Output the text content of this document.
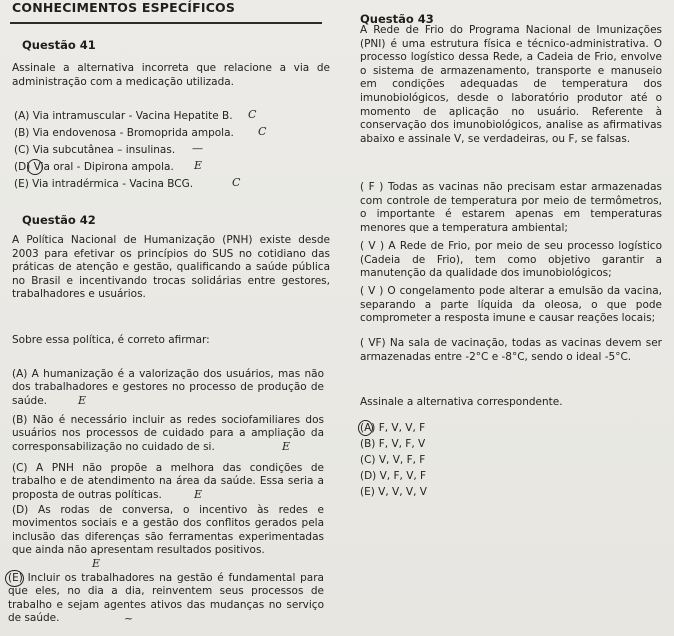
CONHECIMENTOS ESPECÍFICOS
Questão 41
Assinale a alternativa incorreta que relacione a via de administração com a medicação utilizada.
(A) Via intramuscular - Vacina Hepatite B. C
(B) Via endovenosa - Bromoprida ampola. C
(C) Via subcutânea – insulinas. —
(D) Via oral - Dipirona ampola. E
(E) Via intradérmica - Vacina BCG.	C
Questão 42
A Política Nacional de Humanização (PNH) existe desde 2003 para efetivar os princípios do SUS no cotidiano das práticas de atenção e gestão, qualificando a saúde pública no Brasil e incentivando trocas solidárias entre gestores, trabalhadores e usuários.
Sobre essa política, é correto afirmar:
(A) A humanização é a valorização dos usuários, mas não dos trabalhadores e gestores no processo de produção de saúde.	E
(B) Não é necessário incluir as redes sociofamiliares dos usuários nos processos de cuidado para a ampliação da corresponsabilização no cuidado de si.	E
(C) A PNH não propõe a melhora das condições de trabalho e de atendimento na área da saúde. Essa seria a proposta de outras políticas.	E
(D) As rodas de conversa, o incentivo às redes e movimentos sociais e a gestão dos conflitos gerados pela inclusão das diferenças são ferramentas experimentadas que ainda não apresentam resultados positivos.
E
(E) Incluir os trabalhadores na gestão é fundamental para que eles, no dia a dia, reinventem seus processos de trabalho e sejam agentes ativos das mudanças no serviço de saúde.	~
Questão 43
A Rede de Frio do Programa Nacional de Imunizações (PNI) é uma estrutura física e técnico-administrativa. O processo logístico dessa Rede, a Cadeia de Frio, envolve o sistema de armazenamento, transporte e manuseio em condições adequadas de temperatura dos imunobiológicos, desde o laboratório produtor até o momento de aplicação no usuário. Referente à conservação dos imunobiológicos, analise as afirmativas abaixo e assinale V, se verdadeiras, ou F, se falsas.
( F ) Todas as vacinas não precisam estar armazenadas com controle de temperatura por meio de termômetros, o importante é estarem apenas em temperaturas menores que a temperatura ambiental;
( V ) A Rede de Frio, por meio de seu processo logístico (Cadeia de Frio), tem como objetivo garantir a manutenção da qualidade dos imunobiológicos;
( V ) O congelamento pode alterar a emulsão da vacina, separando a parte líquida da oleosa, o que pode comprometer a resposta imune e causar reações locais;
( VF) Na sala de vacinação, todas as vacinas devem ser armazenadas entre -2°C e -8°C, sendo o ideal -5°C.
Assinale a alternativa correspondente.
(A) F, V, V, F
(B) F, V, F, V
(C) V, V, F, F
(D) V, F, V, F
(E) V, V, V, V
